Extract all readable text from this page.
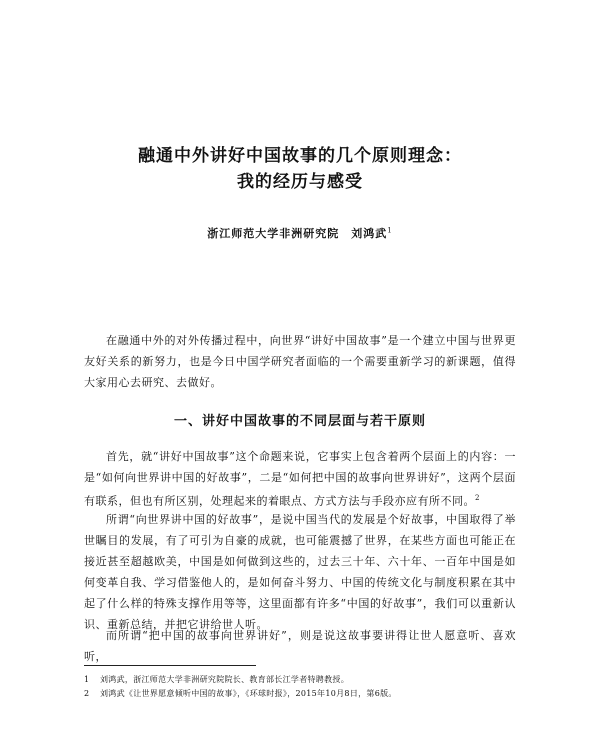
融通中外讲好中国故事的几个原则理念：
我的经历与感受
浙江师范大学非洲研究院　刘鸿武$^1$
在融通中外的对外传播过程中，向世界“讲好中国故事”是一个建立中国与世界更友好关系的新努力，也是今日中国学研究者面临的一个需要重新学习的新课题，值得大家用心去研究、去做好。
一、讲好中国故事的不同层面与若干原则
首先，就“讲好中国故事”这个命题来说，它事实上包含着两个层面上的内容：一是“如何向世界讲中国的好故事”，二是“如何把中国的故事向世界讲好”，这两个层面有联系，但也有所区别，处理起来的着眼点、方式方法与手段亦应有所不同。$^2$
所谓“向世界讲中国的好故事”，是说中国当代的发展是个好故事，中国取得了举世瞩目的发展，有了可引为自豪的成就，也可能震撼了世界，在某些方面也可能正在接近甚至超越欧美，中国是如何做到这些的，过去三十年、六十年、一百年中国是如何变革自我、学习借鉴他人的，是如何奋斗努力、中国的传统文化与制度积累在其中起了什么样的特殊支撑作用等等，这里面都有许多“中国的好故事”，我们可以重新认识、重新总结，并把它讲给世人听。
而所谓“把中国的故事向世界讲好”，则是说这故事要讲得让世人愿意听、喜欢听，
1 刘鸿武，浙江师范大学非洲研究院院长、教育部长江学者特聘教授。
2 刘鸿武《让世界愿意倾听中国的故事》，《环球时报》，2015年10月8日，第6版。
